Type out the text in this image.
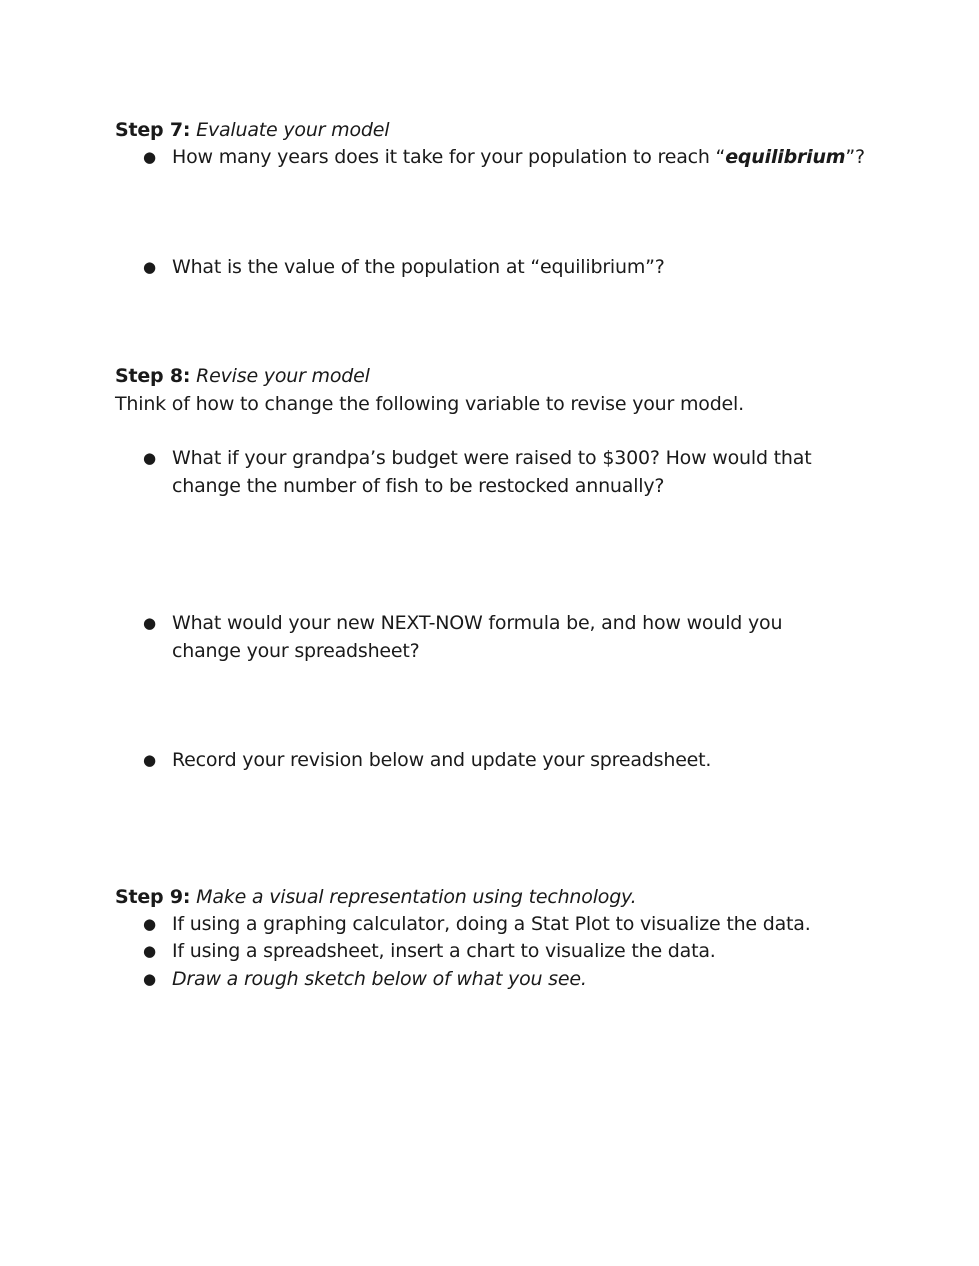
Step 7: Evaluate your model
● How many years does it take for your population to reach “equilibrium”?
● What is the value of the population at “equilibrium”?
Step 8: Revise your model
Think of how to change the following variable to revise your model.
● What if your grandpa’s budget were raised to $300? How would that
change the number of fish to be restocked annually?
● What would your new NEXT-NOW formula be, and how would you
change your spreadsheet?
● Record your revision below and update your spreadsheet.
Step 9: Make a visual representation using technology.
● If using a graphing calculator, doing a Stat Plot to visualize the data.
● If using a spreadsheet, insert a chart to visualize the data.
● Draw a rough sketch below of what you see.
